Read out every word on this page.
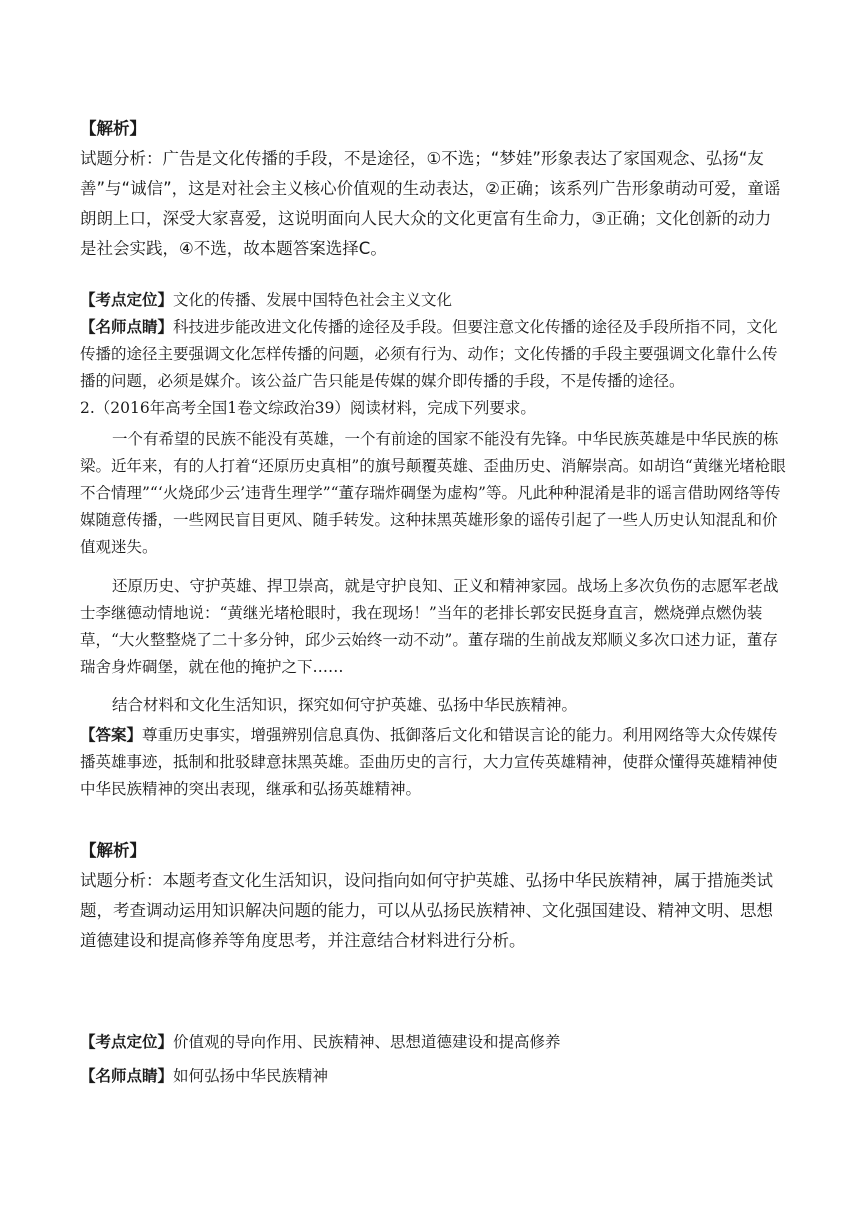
【解析】

试题分析：广告是文化传播的手段，不是途径，①不选；“梦娃”形象表达了家国观念、弘扬“友善”与“诚信”，这是对社会主义核心价值观的生动表达，②正确；该系列广告形象萌动可爱，童谣朗朗上口，深受大家喜爱，这说明面向人民大众的文化更富有生命力，③正确；文化创新的动力是社会实践，④不选，故本题答案选择C。

【考点定位】文化的传播、发展中国特色社会主义文化

【名师点睛】科技进步能改进文化传播的途径及手段。但要注意文化传播的途径及手段所指不同，文化传播的途径主要强调文化怎样传播的问题，必须有行为、动作；文化传播的手段主要强调文化靠什么传播的问题，必须是媒介。该公益广告只能是传媒的媒介即传播的手段，不是传播的途径。

2.（2016年高考全国1卷文综政治39）阅读材料，完成下列要求。

一个有希望的民族不能没有英雄，一个有前途的国家不能没有先锋。中华民族英雄是中华民族的栋梁。近年来，有的人打着“还原历史真相”的旗号颠覆英雄、歪曲历史、消解崇高。如胡诌“黄继光堵枪眼不合情理”“‘火烧邱少云’违背生理学”“董存瑞炸碉堡为虚构”等。凡此种种混淆是非的谣言借助网络等传媒随意传播，一些网民盲目更风、随手转发。这种抹黑英雄形象的谣传引起了一些人历史认知混乱和价值观迷失。

还原历史、守护英雄、捍卫崇高，就是守护良知、正义和精神家园。战场上多次负伤的志愿军老战士李继德动情地说：“黄继光堵枪眼时，我在现场！”当年的老排长郭安民挺身直言，燃烧弹点燃伪装草，“大火整整烧了二十多分钟，邱少云始终一动不动”。董存瑞的生前战友郑顺义多次口述力证，董存瑞舍身炸碉堡，就在他的掩护之下……

结合材料和文化生活知识，探究如何守护英雄、弘扬中华民族精神。

【答案】尊重历史事实，增强辨别信息真伪、抵御落后文化和错误言论的能力。利用网络等大众传媒传播英雄事迹，抵制和批驳肆意抹黑英雄。歪曲历史的言行，大力宣传英雄精神，使群众懂得英雄精神使中华民族精神的突出表现，继承和弘扬英雄精神。

【解析】

试题分析：本题考查文化生活知识，设问指向如何守护英雄、弘扬中华民族精神，属于措施类试题，考查调动运用知识解决问题的能力，可以从弘扬民族精神、文化强国建设、精神文明、思想道德建设和提高修养等角度思考，并注意结合材料进行分析。

【考点定位】价值观的导向作用、民族精神、思想道德建设和提高修养

【名师点睛】如何弘扬中华民族精神
